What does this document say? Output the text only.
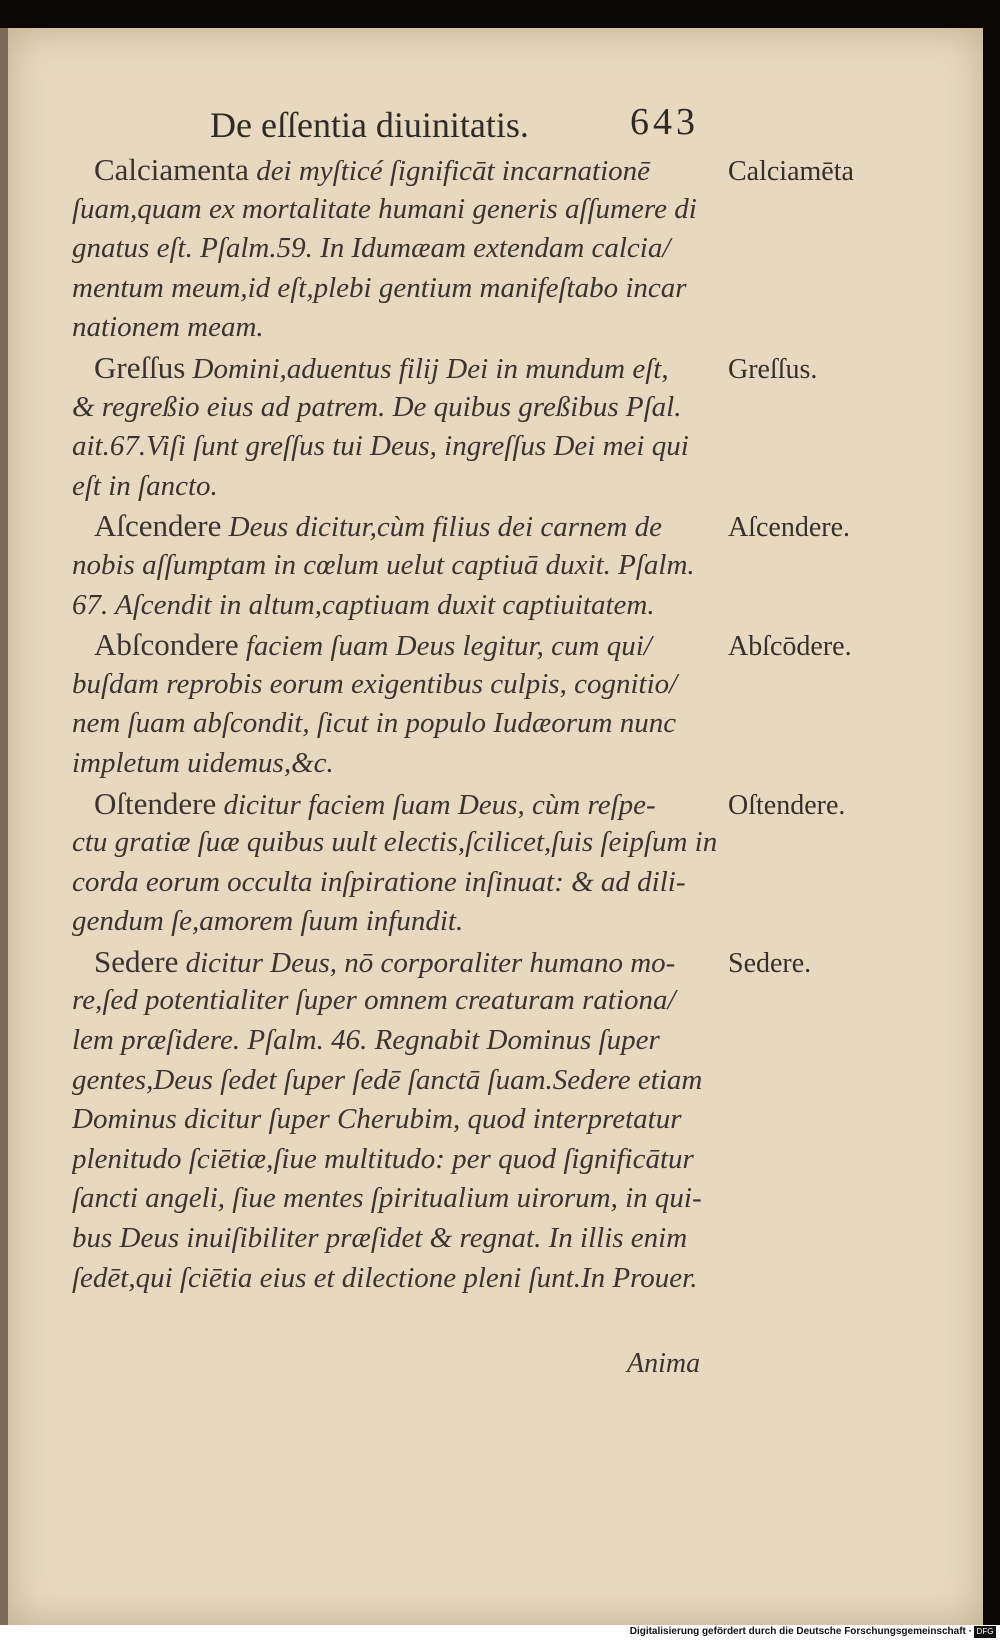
De eſſentia diuinitatis.	643
Calciamenta dei myſticé ſignificāt incarnationē
ſuam,quam ex mortalitate humani generis aſſumere di
gnatus eſt. Pſalm.59. In Idumæam extendam calcia/
mentum meum,id eſt,plebi gentium manifeſtabo incar
nationem meam.
Greſſus Domini,aduentus filij Dei in mundum eſt,
& regreßio eius ad patrem. De quibus greßibus Pſal.
ait.67.Viſi ſunt greſſus tui Deus, ingreſſus Dei mei qui
eſt in ſancto.
Aſcendere Deus dicitur,cùm filius dei carnem de
nobis aſſumptam in cœlum uelut captiuā duxit. Pſalm.
67. Aſcendit in altum,captiuam duxit captiuitatem.
Abſcondere faciem ſuam Deus legitur, cum qui/
buſdam reprobis eorum exigentibus culpis, cognitio/
nem ſuam abſcondit, ſicut in populo Iudæorum nunc
impletum uidemus,&c.
Oſtendere dicitur faciem ſuam Deus, cùm reſpe-
ctu gratiæ ſuæ quibus uult electis,ſcilicet,ſuis ſeipſum in
corda eorum occulta inſpiratione inſinuat: & ad dili-
gendum ſe,amorem ſuum infundit.
Sedere dicitur Deus, nō corporaliter humano mo-
re,ſed potentialiter ſuper omnem creaturam rationa/
lem præſidere. Pſalm. 46. Regnabit Dominus ſuper
gentes,Deus ſedet ſuper ſedē ſanctā ſuam.Sedere etiam
Dominus dicitur ſuper Cherubim, quod interpretatur
plenitudo ſciētiæ,ſiue multitudo: per quod ſignificātur
ſancti angeli, ſiue mentes ſpiritualium uirorum, in qui-
bus Deus inuiſibiliter præſidet & regnat. In illis enim
ſedēt,qui ſciētia eius et dilectione pleni ſunt.In Prouer.
Calciamēta
Greſſus.
Aſcendere.
Abſcōdere.
Oſtendere.
Sedere.
Anima
Digitalisierung gefördert durch die Deutsche Forschungsgemeinschaft · DFG
